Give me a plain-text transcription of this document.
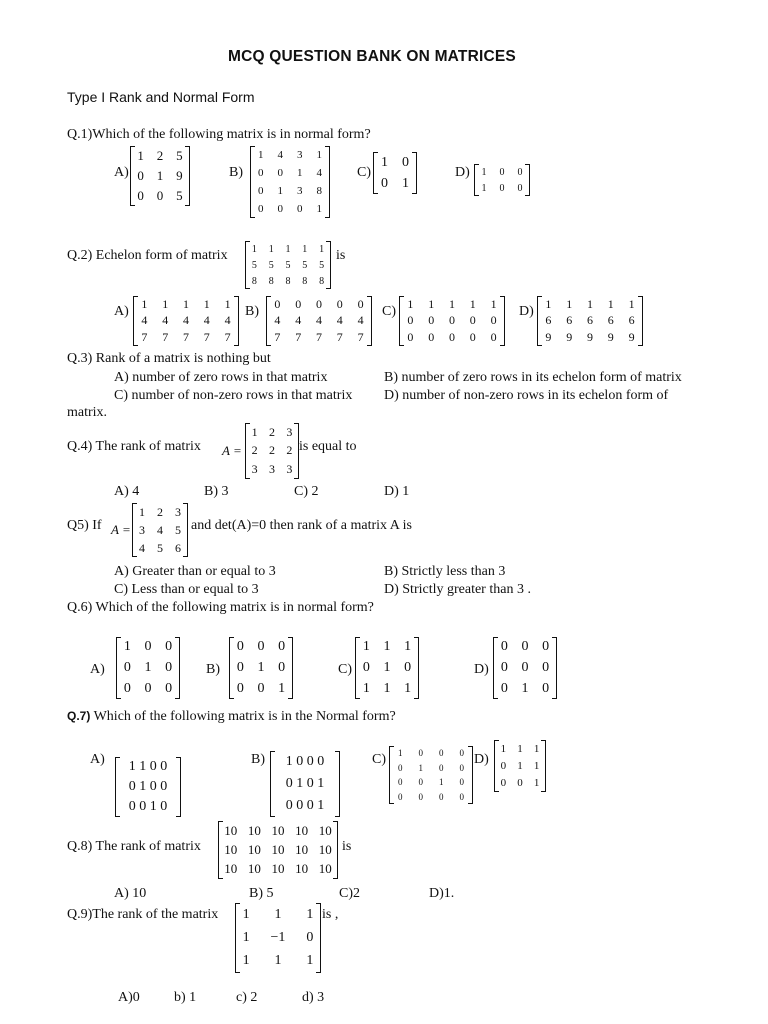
MCQ QUESTION BANK ON MATRICES
Type I Rank and Normal Form
Q.1)Which of the following matrix is in normal form?
A)
1	2	5
0	1	9
0	0	5
B)
1	4	3	1
0	0	1	4
0	1	3	8
0	0	0	1
C)
1	0
0	1
D) 1	0	0
1	0	0
Q.2) Echelon form of matrix 1	1	1	1	1
5	5	5	5	5
8	8	8	8	8
is
A)
1	1	1	1	1
4	4	4	4	4
7	7	7	7	7
B)
0	0	0	0	0
4	4	4	4	4
7	7	7	7	7
C)
1	1	1	1	1
0	0	0	0	0
0	0	0	0	0
D)
1	1	1	1	1
6	6	6	6	6
9	9	9	9	9
Q.3) Rank of a matrix is nothing but
A) number of zero rows in that matrix	B) number of zero rows in its echelon form of matrix
C) number of non-zero rows in that matrix D) number of non-zero rows in its echelon form of
matrix.
Q.4) The rank of matrix A =
1	2	3
2	2	2
3	3	3
is equal to
A) 4	B) 3	C) 2	D) 1
Q5) If A =
1	2	3
3	4	5
4	5	6
and det(A)=0 then rank of a matrix A is
A) Greater than or equal to 3	B) Strictly less than 3
C) Less than or equal to 3	D) Strictly greater than 3 .
Q.6) Which of the following matrix is in normal form?
A)
1	0	0
0	1	0
0	0	0
B)
0	0	0
0	1	0
0	0	1
C)
1	1	1
0	1	0
1	1	1
D)
0	0	0
0	0	0
0	1	0
Q.7) Which of the following matrix is in the Normal form?
A) 1 1 0 0
0 1 0 0
0 0 1 0
B) 1 0 0 0
0 1 0 1
0 0 0 1
C) 1	0	0	0
0	1	0	0
0	0	1	0
0	0	0	0
D)
1	1	1
0	1	1
0	0	1
Q.8) The rank of matrix
10	10	10	10	10
10	10	10	10	10
10	10	10	10	10
is
A) 10	B) 5	C)2	D)1.
Q.9)The rank of the matrix 1	1	1
1	−1	0
1	1	1
is ,
A)0 b) 1	c) 2	d) 3
